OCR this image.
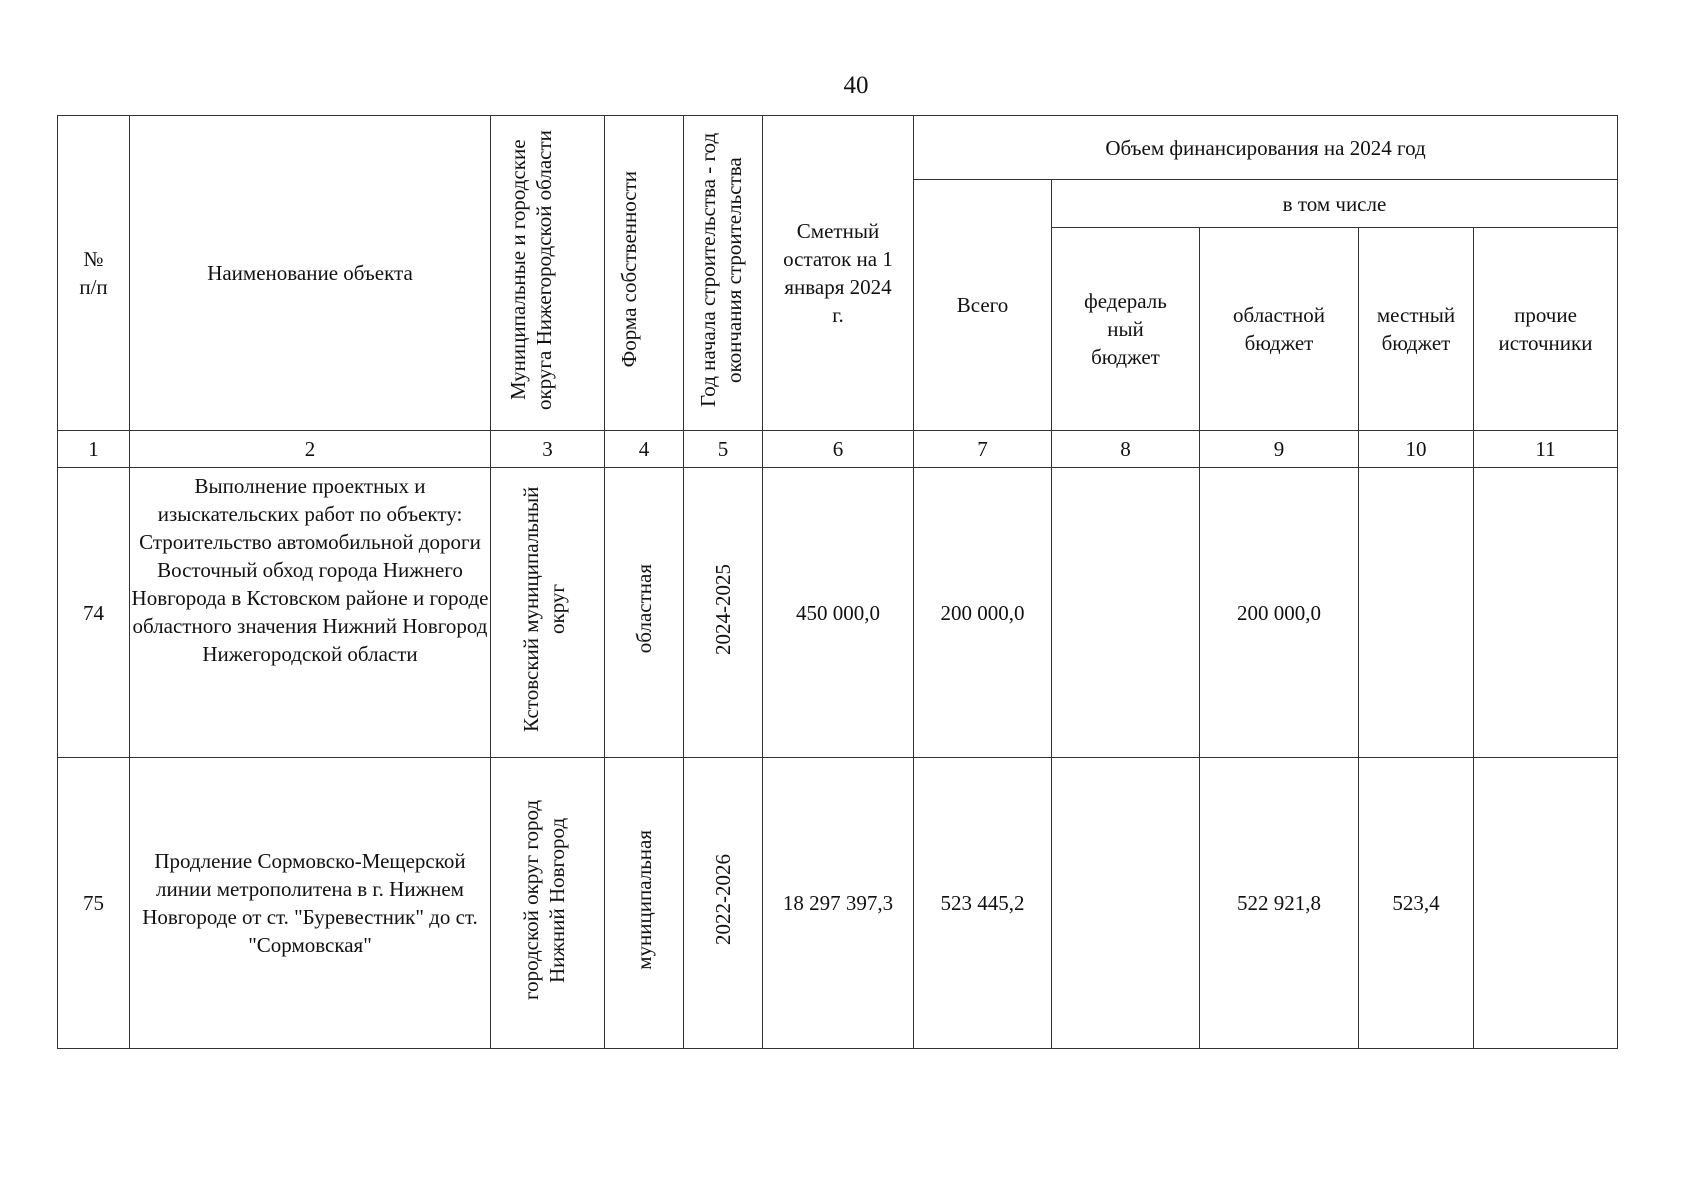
40
№ п/п	Наименование объекта	Муниципальные и городские округа Нижегородской области	Форма собственности	Год начала строительства - год окончания строительства	Сметный остаток на 1 января 2024 г.	Объем финансирования на 2024 год				
						Всего	в том числе			
							федераль ный бюджет	областной бюджет	местный бюджет	прочие источники
1	2	3	4	5	6	7	8	9	10	11
74	Выполнение проектных и изыскательских работ по объекту: Строительство автомобильной дороги Восточный обход города Нижнего Новгорода в Кстовском районе и городе областного значения Нижний Новгород Нижегородской области	Кстовский муниципальный округ	областная	2024-2025	450 000,0	200 000,0		200 000,0		
75	Продление Сормовско-Мещерской линии метрополитена в г. Нижнем Новгороде от ст. "Буревестник" до ст. "Сормовская"	городской округ город Нижний Новгород	муниципальная	2022-2026	18 297 397,3	523 445,2		522 921,8	523,4	
